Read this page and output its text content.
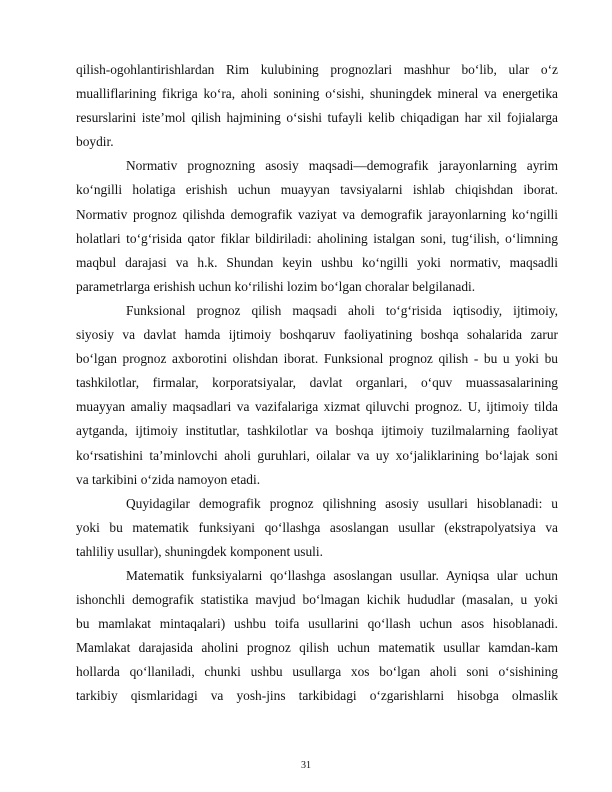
qilish-ogohlantirishlardan Rim kulubining prognozlari mashhur bo‘lib, ular o‘z
mualliflarining fikriga ko‘ra, aholi sonining o‘sishi, shuningdek mineral va energetika
resurslarini iste’mol qilish hajmining o‘sishi tufayli kelib chiqadigan har xil fojialarga
boydir.
Normativ prognozning asosiy maqsadi—demografik jarayonlarning ayrim
ko‘ngilli holatiga erishish uchun muayyan tavsiyalarni ishlab chiqishdan iborat.
Normativ prognoz qilishda demografik vaziyat va demografik jarayonlarning ko‘ngilli
holatlari to‘g‘risida qator fiklar bildiriladi: aholining istalgan soni, tug‘ilish, o‘limning
maqbul darajasi va h.k. Shundan keyin ushbu ko‘ngilli yoki normativ, maqsadli
parametrlarga erishish uchun ko‘rilishi lozim bo‘lgan choralar belgilanadi.
Funksional prognoz qilish maqsadi aholi to‘g‘risida iqtisodiy, ijtimoiy,
siyosiy va davlat hamda ijtimoiy boshqaruv faoliyatining boshqa sohalarida zarur
bo‘lgan prognoz axborotini olishdan iborat. Funksional prognoz qilish - bu u yoki bu
tashkilotlar, firmalar, korporatsiyalar, davlat organlari, o‘quv muassasalarining
muayyan amaliy maqsadlari va vazifalariga xizmat qiluvchi prognoz. U, ijtimoiy tilda
aytganda, ijtimoiy institutlar, tashkilotlar va boshqa ijtimoiy tuzilmalarning faoliyat
ko‘rsatishini ta’minlovchi aholi guruhlari, oilalar va uy xo‘jaliklarining bo‘lajak soni
va tarkibini o‘zida namoyon etadi.
Quyidagilar demografik prognoz qilishning asosiy usullari hisoblanadi: u
yoki bu matematik funksiyani qo‘llashga asoslangan usullar (ekstrapolyatsiya va
tahliliy usullar), shuningdek komponent usuli.
Matematik funksiyalarni qo‘llashga asoslangan usullar. Ayniqsa ular uchun
ishonchli demografik statistika mavjud bo‘lmagan kichik hududlar (masalan, u yoki
bu mamlakat mintaqalari) ushbu toifa usullarini qo‘llash uchun asos hisoblanadi.
Mamlakat darajasida aholini prognoz qilish uchun matematik usullar kamdan-kam
hollarda qo‘llaniladi, chunki ushbu usullarga xos bo‘lgan aholi soni o‘sishining
tarkibiy qismlaridagi va yosh-jins tarkibidagi o‘zgarishlarni hisobga olmaslik
31
